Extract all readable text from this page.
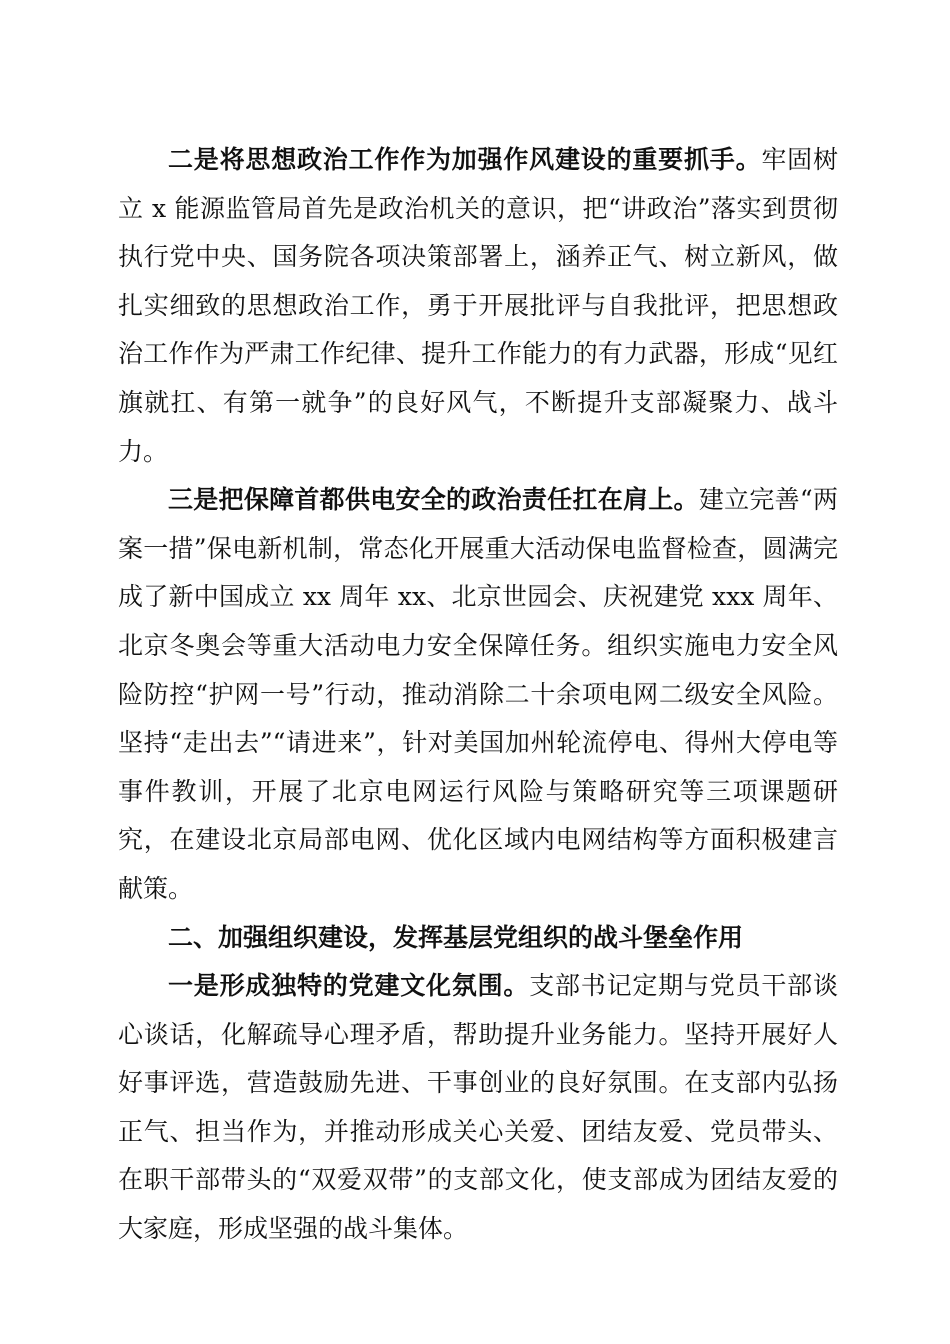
二是将思想政治工作作为加强作风建设的重要抓手。牢固树立 x 能源监管局首先是政治机关的意识，把“讲政治”落实到贯彻执行党中央、国务院各项决策部署上，涵养正气、树立新风，做扎实细致的思想政治工作，勇于开展批评与自我批评，把思想政治工作作为严肃工作纪律、提升工作能力的有力武器，形成“见红旗就扛、有第一就争”的良好风气，不断提升支部凝聚力、战斗力。

三是把保障首都供电安全的政治责任扛在肩上。建立完善“两案一措”保电新机制，常态化开展重大活动保电监督检查，圆满完成了新中国成立 xx 周年 xx、北京世园会、庆祝建党 xxx 周年、北京冬奥会等重大活动电力安全保障任务。组织实施电力安全风险防控“护网一号”行动，推动消除二十余项电网二级安全风险。坚持“走出去”“请进来”，针对美国加州轮流停电、得州大停电等事件教训，开展了北京电网运行风险与策略研究等三项课题研究，在建设北京局部电网、优化区域内电网结构等方面积极建言献策。

二、加强组织建设，发挥基层党组织的战斗堡垒作用

一是形成独特的党建文化氛围。支部书记定期与党员干部谈心谈话，化解疏导心理矛盾，帮助提升业务能力。坚持开展好人好事评选，营造鼓励先进、干事创业的良好氛围。在支部内弘扬正气、担当作为，并推动形成关心关爱、团结友爱、党员带头、在职干部带头的“双爱双带”的支部文化，使支部成为团结友爱的大家庭，形成坚强的战斗集体。
